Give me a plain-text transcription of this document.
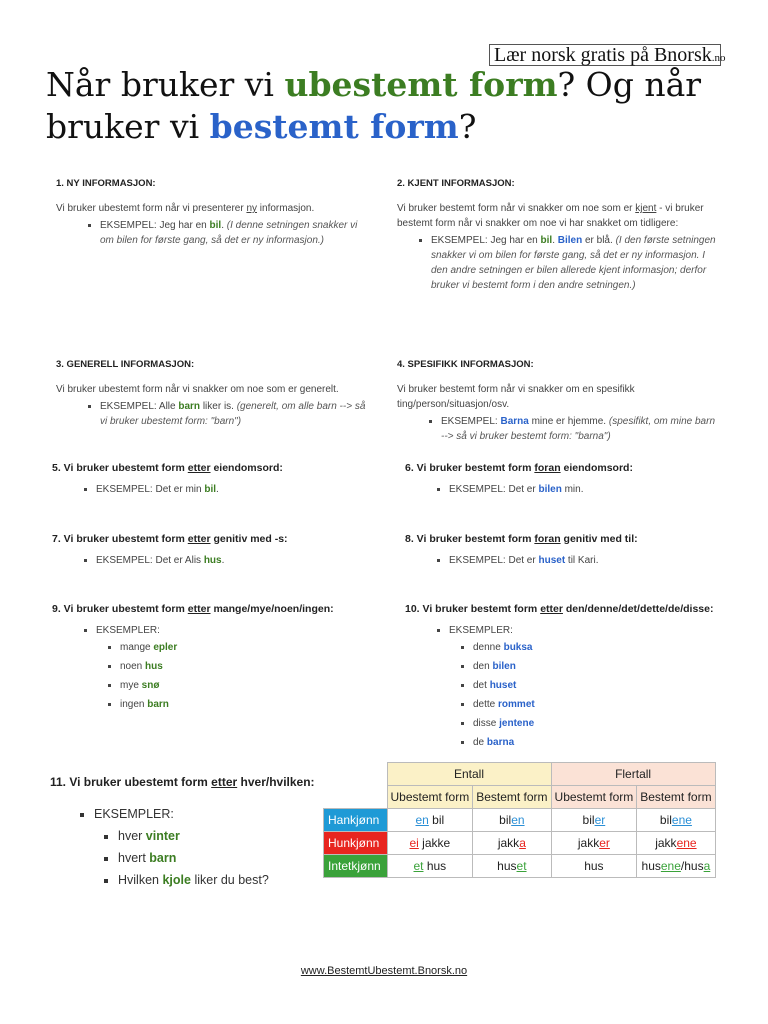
Lær norsk gratis på Bnorsk.no
Når bruker vi ubestemt form? Og når
bruker vi bestemt form?
1. NY INFORMASJON:
Vi bruker ubestemt form når vi presenterer ny informasjon.
▪ EKSEMPEL: Jeg har en bil. (I denne setningen snakker vi om bilen for første gang, så det er ny informasjon.)
2. KJENT INFORMASJON:
Vi bruker bestemt form når vi snakker om noe som er kjent - vi bruker bestemt form når vi snakker om noe vi har snakket om tidligere:
▪ EKSEMPEL: Jeg har en bil. Bilen er blå. (I den første setningen snakker vi om bilen for første gang, så det er ny informasjon. I den andre setningen er bilen allerede kjent informasjon; derfor bruker vi bestemt form i den andre setningen.)
3. GENERELL INFORMASJON:
Vi bruker ubestemt form når vi snakker om noe som er generelt.
▪ EKSEMPEL: Alle barn liker is. (generelt, om alle barn --> så vi bruker ubestemt form: "barn")
4. SPESIFIKK INFORMASJON:
Vi bruker bestemt form når vi snakker om en spesifikk ting/person/situasjon/osv.
▪ EKSEMPEL: Barna mine er hjemme. (spesifikt, om mine barn --> så vi bruker bestemt form: "barna")
5. Vi bruker ubestemt form etter eiendomsord:
▪ EKSEMPEL: Det er min bil.
6. Vi bruker bestemt form foran eiendomsord:
▪ EKSEMPEL: Det er bilen min.
7. Vi bruker ubestemt form etter genitiv med -s:
▪ EKSEMPEL: Det er Alis hus.
8. Vi bruker bestemt form foran genitiv med til:
▪ EKSEMPEL: Det er huset til Kari.
9. Vi bruker ubestemt form etter mange/mye/noen/ingen:
▪ EKSEMPLER:
▪ mange epler
▪ noen hus
▪ mye snø
▪ ingen barn
10. Vi bruker bestemt form etter den/denne/det/dette/de/disse:
▪ EKSEMPLER:
▪ denne buksa
▪ den bilen
▪ det huset
▪ dette rommet
▪ disse jentene
▪ de barna
11. Vi bruker ubestemt form etter hver/hvilken:
▪ EKSEMPLER:
▪ hver vinter
▪ hvert barn
▪ Hvilken kjole liker du best?
	Entall		Flertall	
	Ubestemt form	Bestemt form	Ubestemt form	Bestemt form
Hankjønn	en bil	bilen	biler	bilene
Hunkjønn	ei jakke	jakka	jakker	jakkene
Intetkjønn	et hus	huset	hus	husene/husa
www.BestemtUbestemt.Bnorsk.no
